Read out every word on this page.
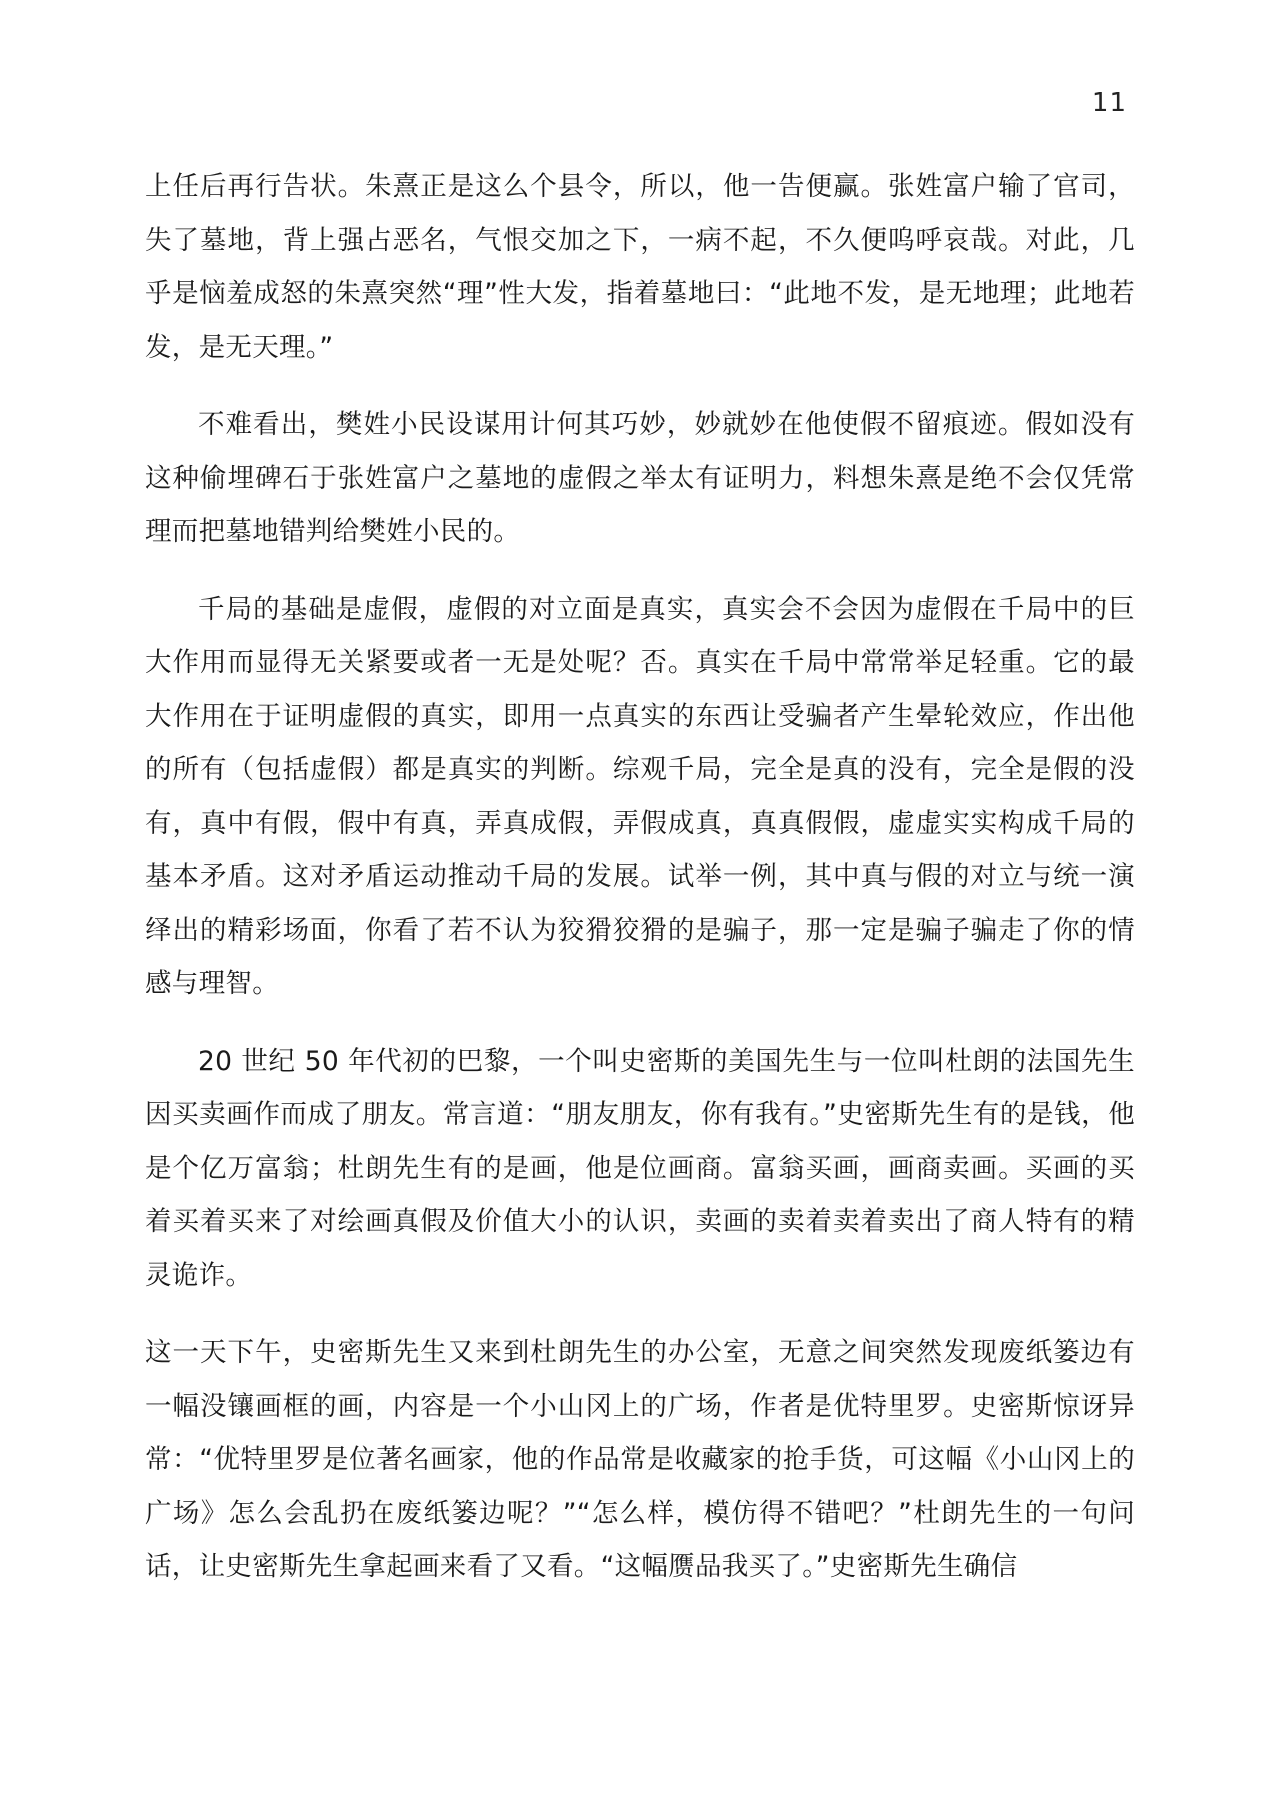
11

上任后再行告状。朱熹正是这么个县令，所以，他一告便赢。张姓富户输了官司，失了墓地，背上强占恶名，气恨交加之下，一病不起，不久便呜呼哀哉。对此，几乎是恼羞成怒的朱熹突然“理”性大发，指着墓地曰：“此地不发，是无地理；此地若发，是无天理。”

不难看出，樊姓小民设谋用计何其巧妙，妙就妙在他使假不留痕迹。假如没有这种偷埋碑石于张姓富户之墓地的虚假之举太有证明力，料想朱熹是绝不会仅凭常理而把墓地错判给樊姓小民的。

千局的基础是虚假，虚假的对立面是真实，真实会不会因为虚假在千局中的巨大作用而显得无关紧要或者一无是处呢？否。真实在千局中常常举足轻重。它的最大作用在于证明虚假的真实，即用一点真实的东西让受骗者产生晕轮效应，作出他的所有（包括虚假）都是真实的判断。综观千局，完全是真的没有，完全是假的没有，真中有假，假中有真，弄真成假，弄假成真，真真假假，虚虚实实构成千局的基本矛盾。这对矛盾运动推动千局的发展。试举一例，其中真与假的对立与统一演绎出的精彩场面，你看了若不认为狡猾狡猾的是骗子，那一定是骗子骗走了你的情感与理智。

20 世纪 50 年代初的巴黎，一个叫史密斯的美国先生与一位叫杜朗的法国先生因买卖画作而成了朋友。常言道：“朋友朋友，你有我有。”史密斯先生有的是钱，他是个亿万富翁；杜朗先生有的是画，他是位画商。富翁买画，画商卖画。买画的买着买着买来了对绘画真假及价值大小的认识，卖画的卖着卖着卖出了商人特有的精灵诡诈。

这一天下午，史密斯先生又来到杜朗先生的办公室，无意之间突然发现废纸篓边有一幅没镶画框的画，内容是一个小山冈上的广场，作者是优特里罗。史密斯惊讶异常：“优特里罗是位著名画家，他的作品常是收藏家的抢手货，可这幅《小山冈上的广场》怎么会乱扔在废纸篓边呢？”“怎么样，模仿得不错吧？”杜朗先生的一句问话，让史密斯先生拿起画来看了又看。“这幅赝品我买了。”史密斯先生确信
